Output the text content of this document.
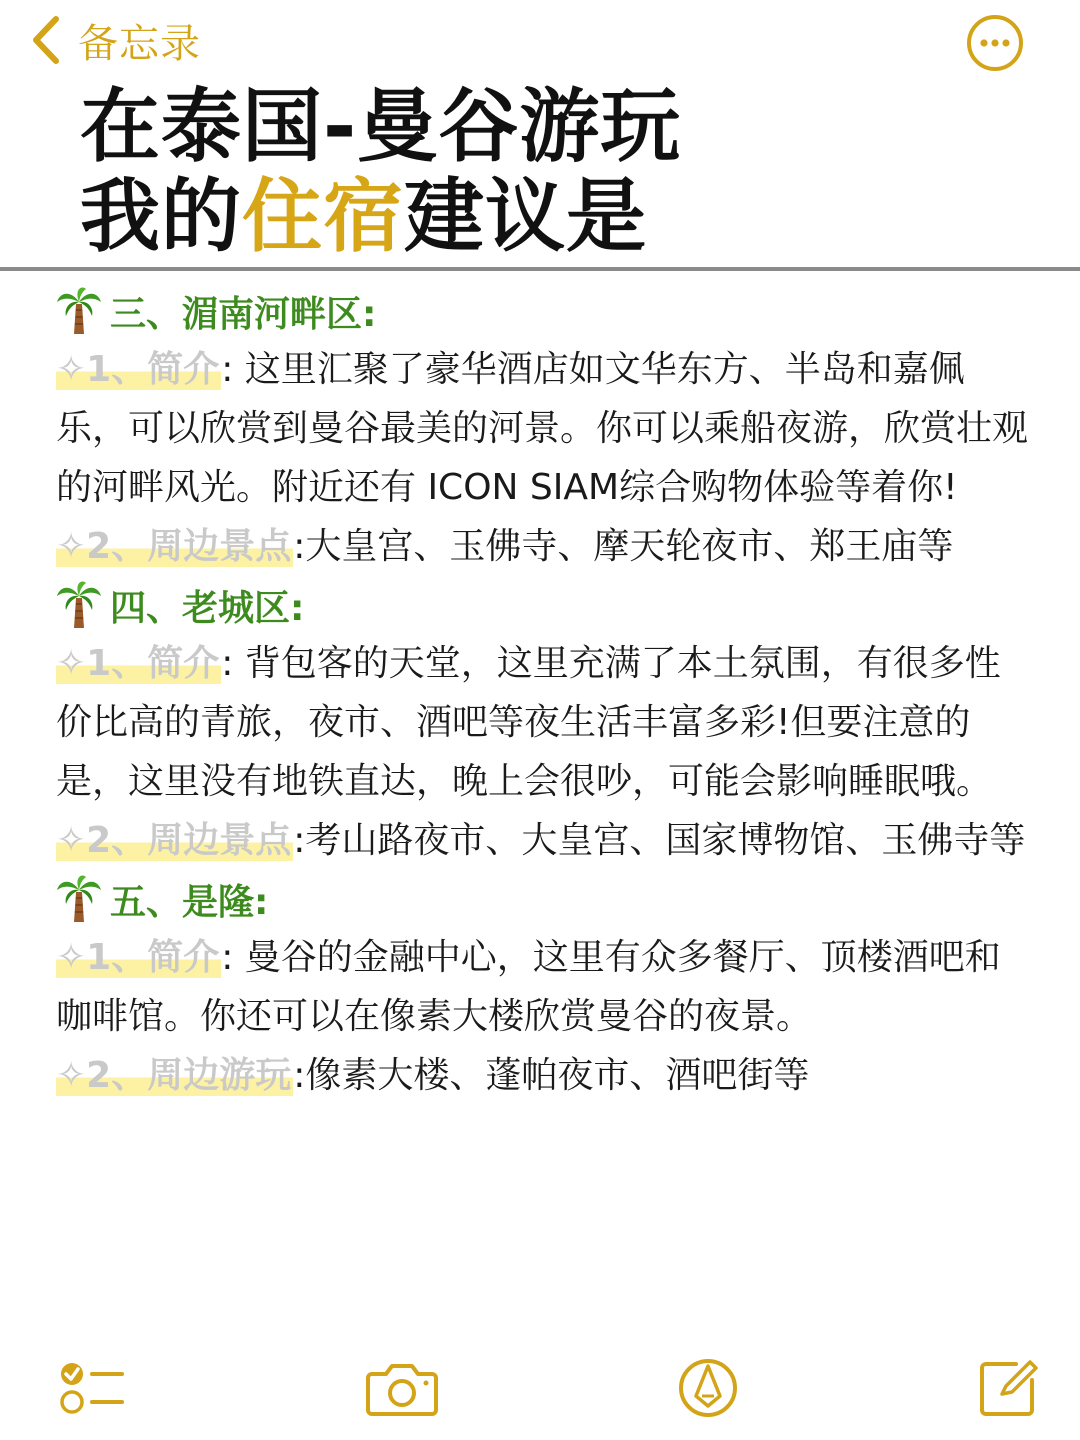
备忘录
在泰国-曼谷游玩
我的住宿建议是
三、湄南河畔区:
✧1、简介: 这里汇聚了豪华酒店如文华东方、半岛和嘉佩乐，可以欣赏到曼谷最美的河景。你可以乘船夜游，欣赏壮观的河畔风光。附近还有 ICON SIAM综合购物体验等着你!
✧2、周边景点:大皇宫、玉佛寺、摩天轮夜市、郑王庙等
四、老城区:
✧1、简介: 背包客的天堂，这里充满了本土氛围，有很多性价比高的青旅，夜市、酒吧等夜生活丰富多彩!但要注意的是，这里没有地铁直达，晚上会很吵，可能会影响睡眠哦。
✧2、周边景点:考山路夜市、大皇宫、国家博物馆、玉佛寺等
五、是隆:
✧1、简介: 曼谷的金融中心，这里有众多餐厅、顶楼酒吧和咖啡馆。你还可以在像素大楼欣赏曼谷的夜景。
✧2、周边游玩:像素大楼、蓬帕夜市、酒吧街等
